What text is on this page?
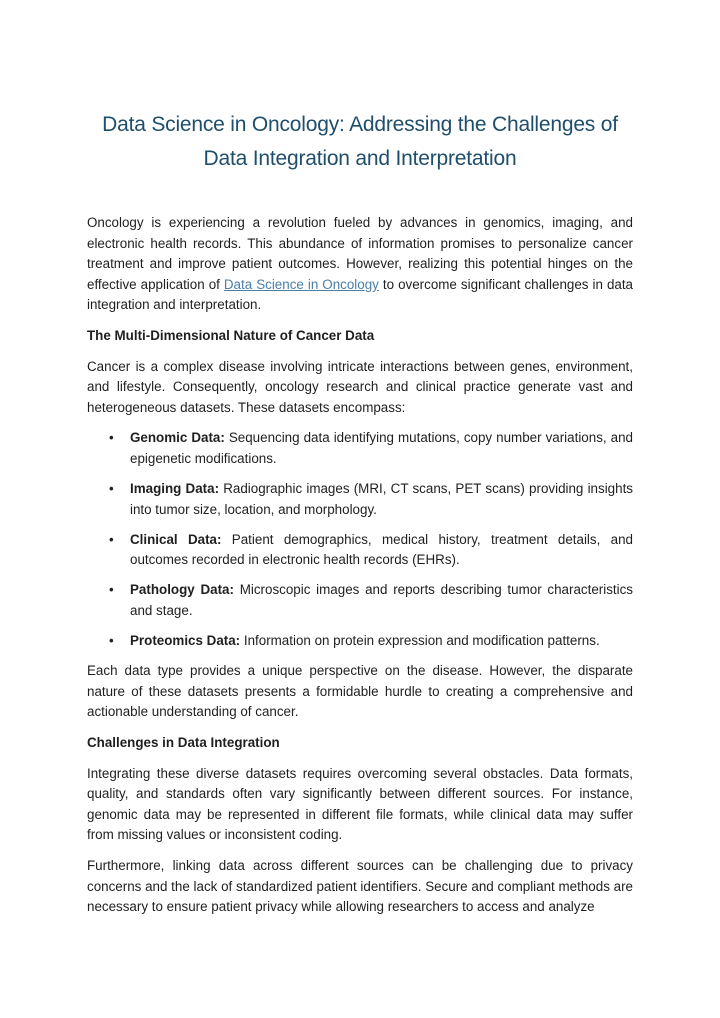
Data Science in Oncology: Addressing the Challenges of
Data Integration and Interpretation

Oncology is experiencing a revolution fueled by advances in genomics, imaging, and electronic health records. This abundance of information promises to personalize cancer treatment and improve patient outcomes. However, realizing this potential hinges on the effective application of Data Science in Oncology to overcome significant challenges in data integration and interpretation.

The Multi-Dimensional Nature of Cancer Data

Cancer is a complex disease involving intricate interactions between genes, environment, and lifestyle. Consequently, oncology research and clinical practice generate vast and heterogeneous datasets. These datasets encompass:

• Genomic Data: Sequencing data identifying mutations, copy number variations, and epigenetic modifications.
• Imaging Data: Radiographic images (MRI, CT scans, PET scans) providing insights into tumor size, location, and morphology.
• Clinical Data: Patient demographics, medical history, treatment details, and outcomes recorded in electronic health records (EHRs).
• Pathology Data: Microscopic images and reports describing tumor characteristics and stage.
• Proteomics Data: Information on protein expression and modification patterns.

Each data type provides a unique perspective on the disease. However, the disparate nature of these datasets presents a formidable hurdle to creating a comprehensive and actionable understanding of cancer.

Challenges in Data Integration

Integrating these diverse datasets requires overcoming several obstacles. Data formats, quality, and standards often vary significantly between different sources. For instance, genomic data may be represented in different file formats, while clinical data may suffer from missing values or inconsistent coding.

Furthermore, linking data across different sources can be challenging due to privacy concerns and the lack of standardized patient identifiers. Secure and compliant methods are necessary to ensure patient privacy while allowing researchers to access and analyze
